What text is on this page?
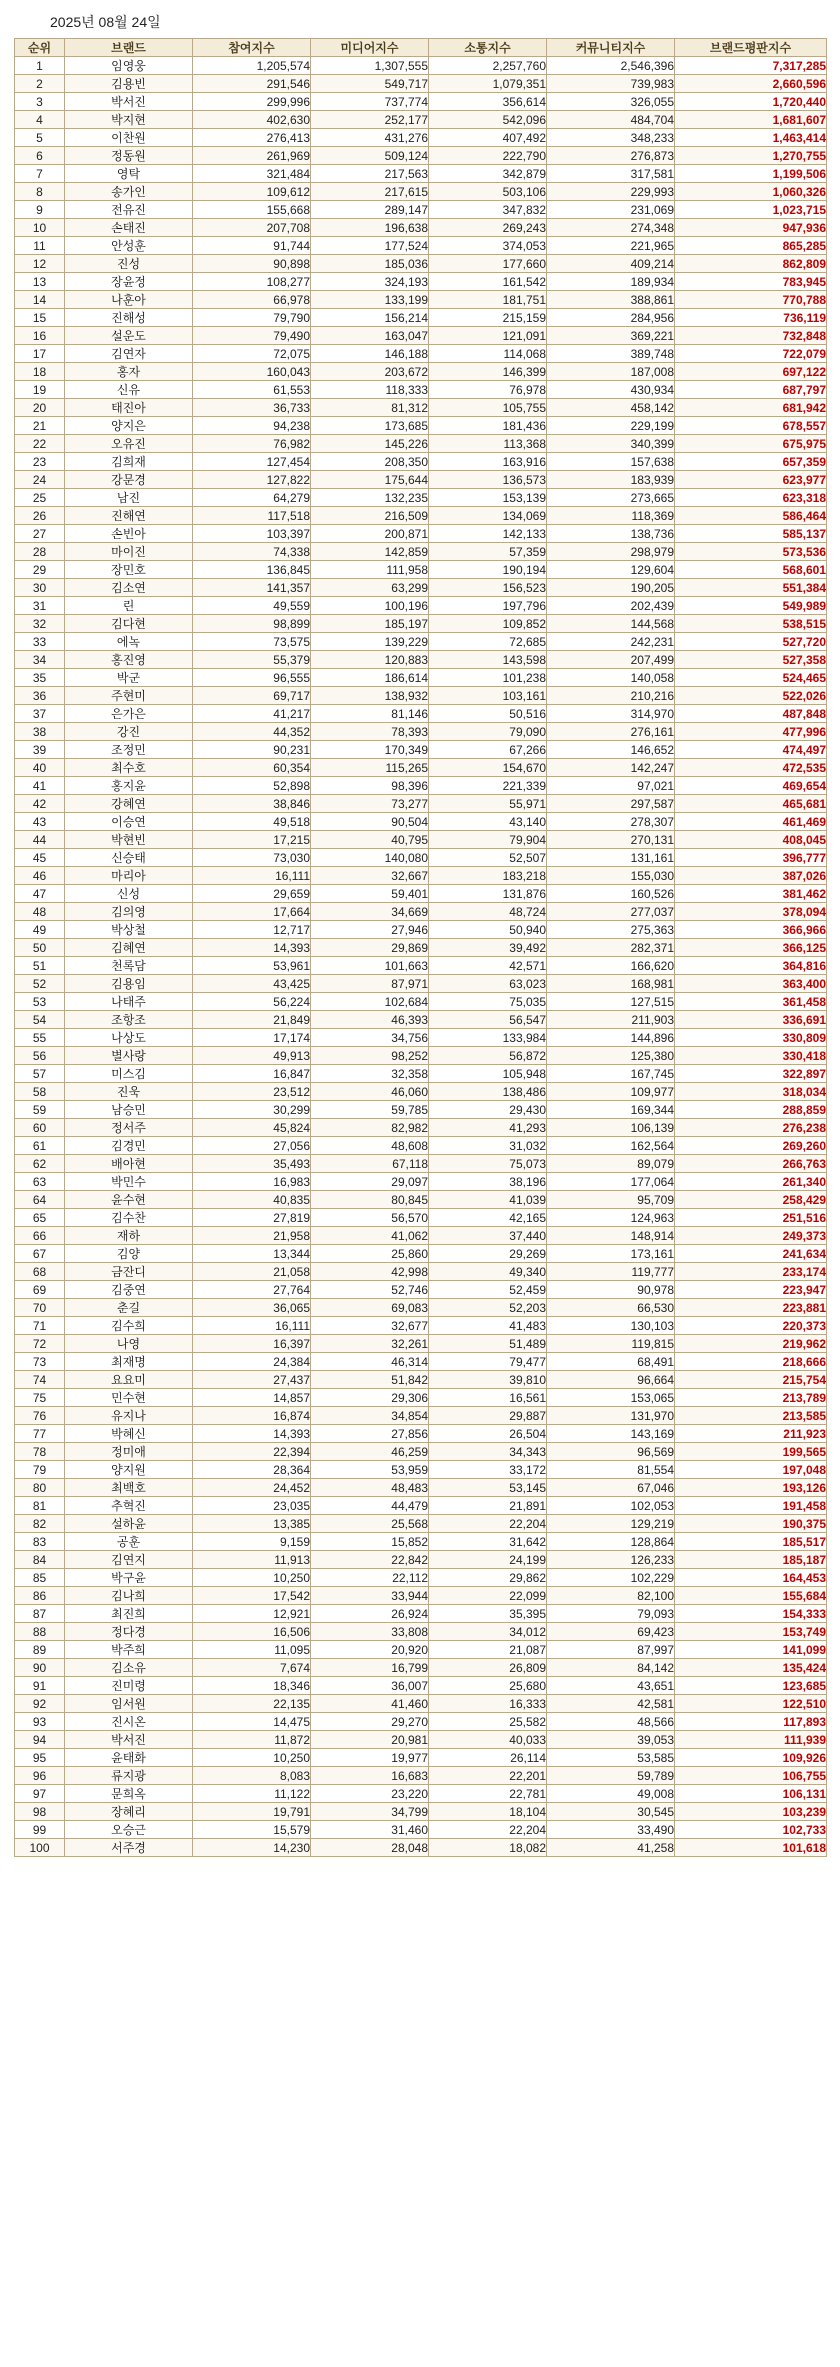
2025년 08월 24일
순위	브랜드	참여지수	미디어지수	소통지수	커뮤니티지수	브랜드평판지수
1	임영웅	1,205,574	1,307,555	2,257,760	2,546,396	7,317,285
2	김용빈	291,546	549,717	1,079,351	739,983	2,660,596
3	박서진	299,996	737,774	356,614	326,055	1,720,440
4	박지현	402,630	252,177	542,096	484,704	1,681,607
5	이찬원	276,413	431,276	407,492	348,233	1,463,414
6	정동원	261,969	509,124	222,790	276,873	1,270,755
7	영탁	321,484	217,563	342,879	317,581	1,199,506
8	송가인	109,612	217,615	503,106	229,993	1,060,326
9	전유진	155,668	289,147	347,832	231,069	1,023,715
10	손태진	207,708	196,638	269,243	274,348	947,936
11	안성훈	91,744	177,524	374,053	221,965	865,285
12	진성	90,898	185,036	177,660	409,214	862,809
13	장윤정	108,277	324,193	161,542	189,934	783,945
14	나훈아	66,978	133,199	181,751	388,861	770,788
15	진해성	79,790	156,214	215,159	284,956	736,119
16	설운도	79,490	163,047	121,091	369,221	732,848
17	김연자	72,075	146,188	114,068	389,748	722,079
18	홍자	160,043	203,672	146,399	187,008	697,122
19	신유	61,553	118,333	76,978	430,934	687,797
20	태진아	36,733	81,312	105,755	458,142	681,942
21	양지은	94,238	173,685	181,436	229,199	678,557
22	오유진	76,982	145,226	113,368	340,399	675,975
23	김희재	127,454	208,350	163,916	157,638	657,359
24	강문경	127,822	175,644	136,573	183,939	623,977
25	남진	64,279	132,235	153,139	273,665	623,318
26	진해연	117,518	216,509	134,069	118,369	586,464
27	손빈아	103,397	200,871	142,133	138,736	585,137
28	마이진	74,338	142,859	57,359	298,979	573,536
29	장민호	136,845	111,958	190,194	129,604	568,601
30	김소연	141,357	63,299	156,523	190,205	551,384
31	린	49,559	100,196	197,796	202,439	549,989
32	김다현	98,899	185,197	109,852	144,568	538,515
33	에녹	73,575	139,229	72,685	242,231	527,720
34	홍진영	55,379	120,883	143,598	207,499	527,358
35	박군	96,555	186,614	101,238	140,058	524,465
36	주현미	69,717	138,932	103,161	210,216	522,026
37	은가은	41,217	81,146	50,516	314,970	487,848
38	강진	44,352	78,393	79,090	276,161	477,996
39	조정민	90,231	170,349	67,266	146,652	474,497
40	최수호	60,354	115,265	154,670	142,247	472,535
41	홍지윤	52,898	98,396	221,339	97,021	469,654
42	강혜연	38,846	73,277	55,971	297,587	465,681
43	이승연	49,518	90,504	43,140	278,307	461,469
44	박현빈	17,215	40,795	79,904	270,131	408,045
45	신승태	73,030	140,080	52,507	131,161	396,777
46	마리아	16,111	32,667	183,218	155,030	387,026
47	신성	29,659	59,401	131,876	160,526	381,462
48	김의영	17,664	34,669	48,724	277,037	378,094
49	박상철	12,717	27,946	50,940	275,363	366,966
50	김혜연	14,393	29,869	39,492	282,371	366,125
51	천록담	53,961	101,663	42,571	166,620	364,816
52	김용임	43,425	87,971	63,023	168,981	363,400
53	나태주	56,224	102,684	75,035	127,515	361,458
54	조항조	21,849	46,393	56,547	211,903	336,691
55	나상도	17,174	34,756	133,984	144,896	330,809
56	별사랑	49,913	98,252	56,872	125,380	330,418
57	미스김	16,847	32,358	105,948	167,745	322,897
58	진욱	23,512	46,060	138,486	109,977	318,034
59	남승민	30,299	59,785	29,430	169,344	288,859
60	정서주	45,824	82,982	41,293	106,139	276,238
61	김경민	27,056	48,608	31,032	162,564	269,260
62	배아현	35,493	67,118	75,073	89,079	266,763
63	박민수	16,983	29,097	38,196	177,064	261,340
64	윤수현	40,835	80,845	41,039	95,709	258,429
65	김수찬	27,819	56,570	42,165	124,963	251,516
66	재하	21,958	41,062	37,440	148,914	249,373
67	김양	13,344	25,860	29,269	173,161	241,634
68	금잔디	21,058	42,998	49,340	119,777	233,174
69	김중연	27,764	52,746	52,459	90,978	223,947
70	춘길	36,065	69,083	52,203	66,530	223,881
71	김수희	16,111	32,677	41,483	130,103	220,373
72	나영	16,397	32,261	51,489	119,815	219,962
73	최재명	24,384	46,314	79,477	68,491	218,666
74	요요미	27,437	51,842	39,810	96,664	215,754
75	민수현	14,857	29,306	16,561	153,065	213,789
76	유지나	16,874	34,854	29,887	131,970	213,585
77	박혜신	14,393	27,856	26,504	143,169	211,923
78	정미애	22,394	46,259	34,343	96,569	199,565
79	양지원	28,364	53,959	33,172	81,554	197,048
80	최백호	24,452	48,483	53,145	67,046	193,126
81	추혁진	23,035	44,479	21,891	102,053	191,458
82	설하윤	13,385	25,568	22,204	129,219	190,375
83	공훈	9,159	15,852	31,642	128,864	185,517
84	김연지	11,913	22,842	24,199	126,233	185,187
85	박구윤	10,250	22,112	29,862	102,229	164,453
86	김나희	17,542	33,944	22,099	82,100	155,684
87	최진희	12,921	26,924	35,395	79,093	154,333
88	정다경	16,506	33,808	34,012	69,423	153,749
89	박주희	11,095	20,920	21,087	87,997	141,099
90	김소유	7,674	16,799	26,809	84,142	135,424
91	진미령	18,346	36,007	25,680	43,651	123,685
92	임서원	22,135	41,460	16,333	42,581	122,510
93	진시온	14,475	29,270	25,582	48,566	117,893
94	박서진	11,872	20,981	40,033	39,053	111,939
95	윤태화	10,250	19,977	26,114	53,585	109,926
96	류지광	8,083	16,683	22,201	59,789	106,755
97	문희옥	11,122	23,220	22,781	49,008	106,131
98	장혜리	19,791	34,799	18,104	30,545	103,239
99	오승근	15,579	31,460	22,204	33,490	102,733
100	서주경	14,230	28,048	18,082	41,258	101,618
